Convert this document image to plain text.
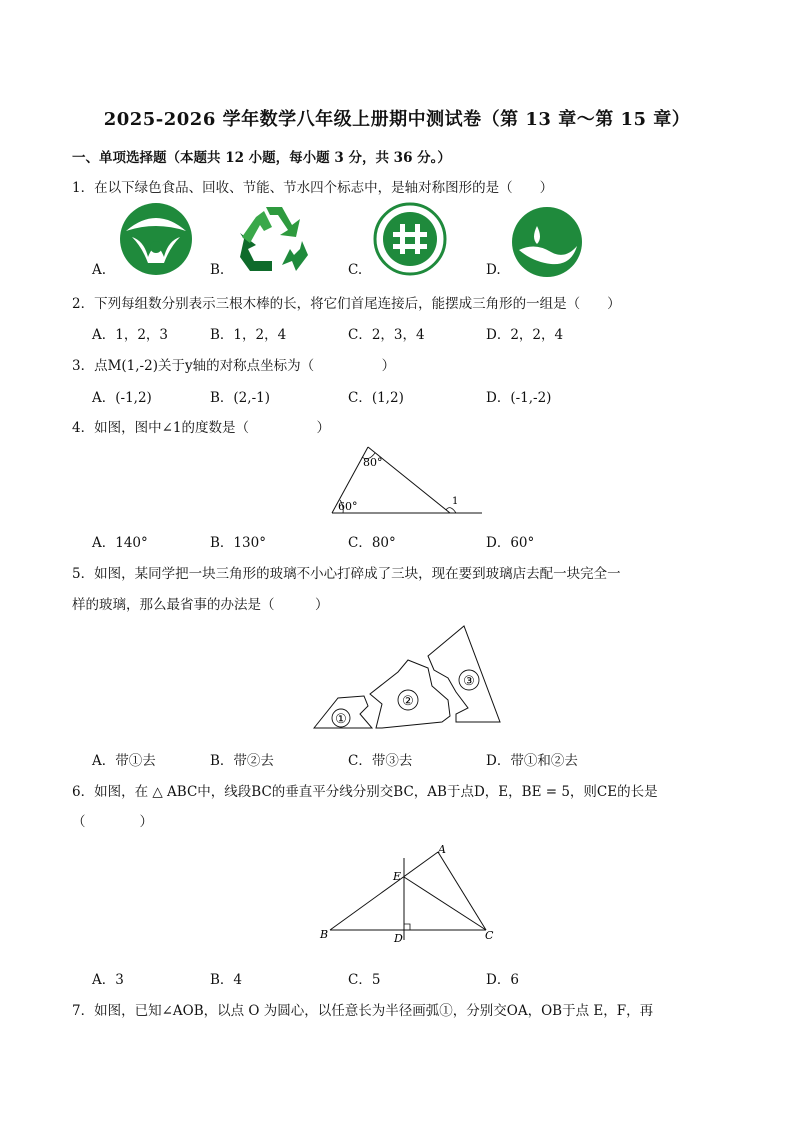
2025-2026 学年数学八年级上册期中测试卷（第 13 章～第 15 章）
一、单项选择题（本题共 12 小题，每小题 3 分，共 36 分。）
1．在以下绿色食品、回收、节能、节水四个标志中，是轴对称图形的是（　　）
A.	B.	C.	D.
2．下列每组数分别表示三根木棒的长，将它们首尾连接后，能摆成三角形的一组是（　　）
A．1，2，3	B．1，2，4	C．2，3，4	D．2，2，4
3．点M(1,-2)关于y轴的对称点坐标为（　　　　　）
A．(-1,2)	B．(2,-1)	C．(1,2)	D．(-1,-2)
4．如图，图中∠1的度数是（　　　　　）
80°
60°	1
A．140°	B．130°	C．80°	D．60°
5．如图，某同学把一块三角形的玻璃不小心打碎成了三块，现在要到玻璃店去配一块完全一
样的玻璃，那么最省事的办法是（　　　）
①
②
③
A．带①去	B．带②去	C．带③去	D．带①和②去
6．如图，在 △ ABC中，线段BC的垂直平分线分别交BC，AB于点D，E，BE = 5，则CE的长是
（　　　　）
A
B	C
D
E
A．3	B．4	C．5	D．6
7．如图，已知∠AOB，以点 O 为圆心，以任意长为半径画弧①，分别交OA，OB于点 E，F，再
